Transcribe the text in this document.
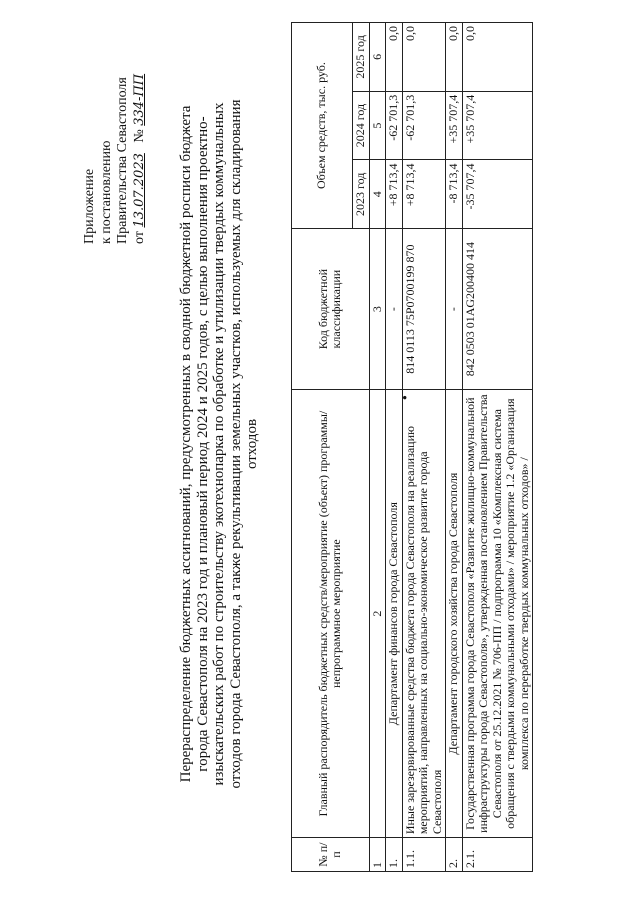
Приложение к постановлению Правительства Севастополя от 13.07.2023   № 334-ПП
Перераспределение бюджетных ассигнований, предусмотренных в сводной бюджетной росписи бюджета города Севастополя на 2023 год и плановый период 2024 и 2025 годов, с целью выполнения проектно-изыскательских работ по строительству экотехнопарка по обработке и утилизации твердых коммунальных отходов города Севастополя, а также рекультивации земельных участков, используемых для складирования отходов
№ п/п	Главный распорядитель бюджетных средств/мероприятие (объект) программы/непрограммное мероприятие	Код бюджетной классификации	Объем средств, тыс. руб.		
			2023 год	2024 год	2025 год
1	2	3	4	5	6
1.	Департамент финансов города Севастополя	-	+8 713,4	-62 701,3	0,0
1.1.	Иные зарезервированные средства бюджета города Севастополя на реализацию мероприятий, направленных на социально-экономическое развитие города Севастополя	814 0113 75Р0700199 870	+8 713,4	-62 701,3	0,0
2.	Департамент городского хозяйства города Севастополя	-	-8 713,4	+35 707,4	0,0
2.1.	Государственная программа города Севастополя «Развитие жилищно-коммунальной инфраструктуры города Севастополя», утвержденная постановлением Правительства Севастополя от 25.12.2021 № 706-ПП / подпрограмма 10 «Комплексная система обращения с твердыми коммунальными отходами» / мероприятие 1.2 «Организация комплекса по переработке твердых коммунальных отходов» /	842 0503 01АG200400 414	-35 707,4	+35 707,4	0,0
●
